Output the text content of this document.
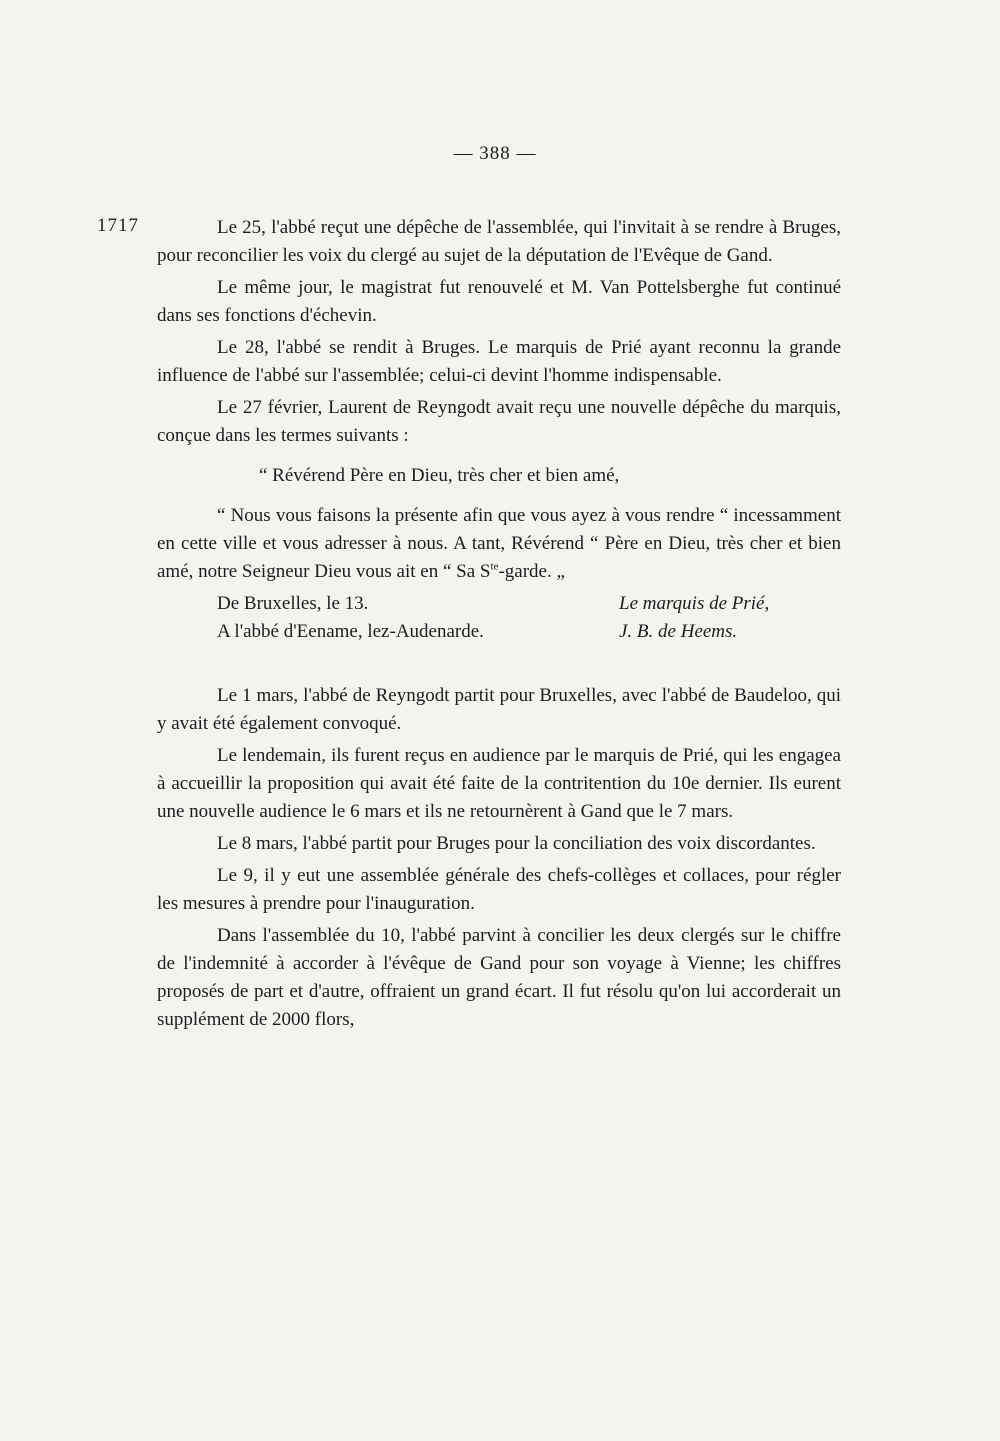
— 388 —
1717	Le 25, l'abbé reçut une dépêche de l'assemblée, qui l'invitait à se rendre à Bruges, pour reconcilier les voix du clergé au sujet de la députation de l'Evêque de Gand.

Le même jour, le magistrat fut renouvelé et M. Van Pottelsberghe fut continué dans ses fonctions d'échevin.

Le 28, l'abbé se rendit à Bruges. Le marquis de Prié ayant reconnu la grande influence de l'abbé sur l'assemblée; celui-ci devint l'homme indispensable.

Le 27 février, Laurent de Reyngodt avait reçu une nouvelle dépêche du marquis, conçue dans les termes suivants :

“ Révérend Père en Dieu, très cher et bien amé,

“ Nous vous faisons la présente afin que vous ayez à vous rendre “ incessamment en cette ville et vous adresser à nous. A tant, Révérend “ Père en Dieu, très cher et bien amé, notre Seigneur Dieu vous ait en “ Sa $S^{te}$-garde. „

De Bruxelles, le 13.	Le marquis de Prié,
A l'abbé d'Eename, lez-Audenarde.	J. B. de Heems.

Le 1 mars, l'abbé de Reyngodt partit pour Bruxelles, avec l'abbé de Baudeloo, qui y avait été également convoqué.

Le lendemain, ils furent reçus en audience par le marquis de Prié, qui les engagea à accueillir la proposition qui avait été faite de la contritention du 10e dernier. Ils eurent une nouvelle audience le 6 mars et ils ne retournèrent à Gand que le 7 mars.

Le 8 mars, l'abbé partit pour Bruges pour la conciliation des voix discordantes.

Le 9, il y eut une assemblée générale des chefs-collèges et collaces, pour régler les mesures à prendre pour l'inauguration.

Dans l'assemblée du 10, l'abbé parvint à concilier les deux clergés sur le chiffre de l'indemnité à accorder à l'évêque de Gand pour son voyage à Vienne; les chiffres proposés de part et d'autre, offraient un grand écart. Il fut résolu qu'on lui accorderait un supplément de 2000 flors,
